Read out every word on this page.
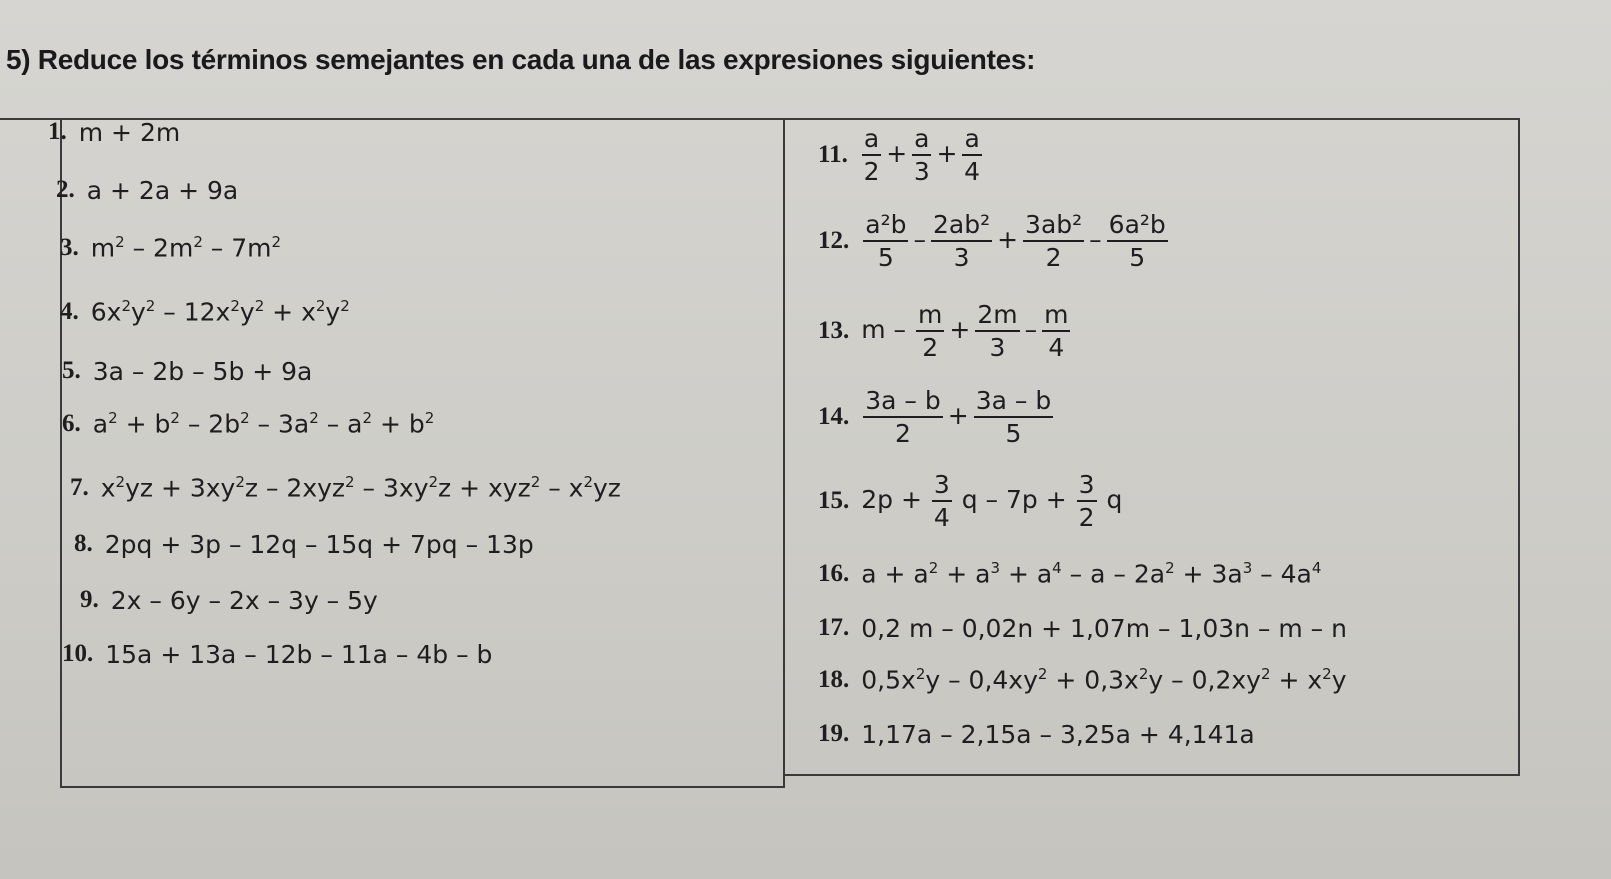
5) Reduce los términos semejantes en cada una de las expresiones siguientes:
1. m + 2m
2. a + 2a + 9a
3. $m^2 - 2m^2 - 7m^2$
4. $6x^2y^2 - 12x^2y^2 + x^2y^2$
5. 3a – 2b – 5b + 9a
6. $a^2 + b^2 - 2b^2 - 3a^2 - a^2 + b^2$
7. $x^2yz + 3xy^2z - 2xyz^2 - 3xy^2z + xyz^2 - x^2yz$
8. 2pq + 3p – 12q – 15q + 7pq – 13p
9. 2x – 6y – 2x – 3y – 5y
10. 15a + 13a – 12b – 11a – 4b – b
11. $\frac{a}{2} + \frac{a}{3} + \frac{a}{4}$
12. $\frac{\text{a²b}}{5} - \frac{\text{2ab²}}{3} + \frac{\text{3ab²}}{2} - \frac{\text{6a²b}}{5}$
13. $m - \frac{m}{2} + \frac{2m}{3} - \frac{m}{4}$
14. $\frac{3a - b}{2} + \frac{3a - b}{5}$
15. $2p + \frac{3}{4}$ $q - 7p + \frac{3}{2}$ q
16. $a + a^2 + a^3 + a^4 - a - 2a^2 + 3a^3 - 4a^4$
17. 0,2 m – 0,02n + 1,07m – 1,03n – m – n
18. $0,5x^2y - 0,4xy^2 + 0,3x^2y - 0,2xy^2 + x^2y$
19. 1,17a – 2,15a – 3,25a + 4,141a
